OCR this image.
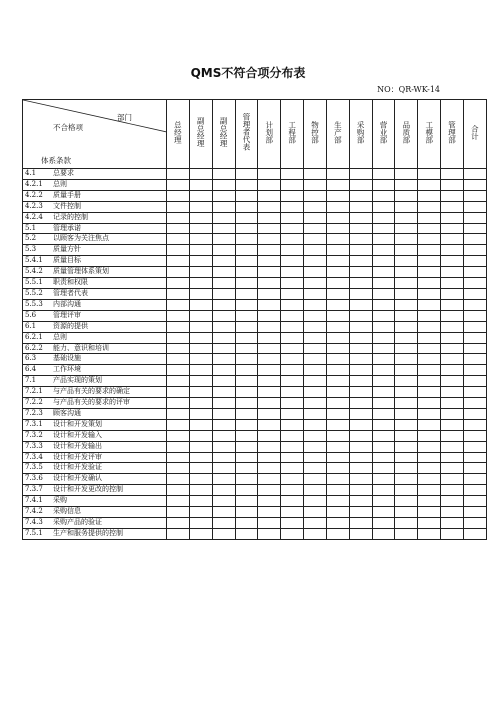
QMS不符合项分布表
NO：QR-WK-14
部门
不合格项
体系条款	总经理	副总经理	副总经理	管理者代表	计划部	工程部	物控部	生产部	采购部	营业部	品质部	工模部	管理部	合计
4.1 总要求														
4.2.1 总则														
4.2.2 质量手册														
4.2.3 文件控制														
4.2.4 记录的控制														
5.1 管理承诺														
5.2 以顾客为关注焦点														
5.3 质量方针														
5.4.1 质量目标														
5.4.2 质量管理体系策划														
5.5.1 职责和权限														
5.5.2 管理者代表														
5.5.3 内部沟通														
5.6 管理评审														
6.1 资源的提供														
6.2.1 总则														
6.2.2 能力、意识和培训														
6.3 基础设施														
6.4 工作环境														
7.1 产品实现的策划														
7.2.1 与产品有关的要求的确定														
7.2.2 与产品有关的要求的评审														
7.2.3 顾客沟通														
7.3.1 设计和开发策划														
7.3.2 设计和开发输入														
7.3.3 设计和开发输出														
7.3.4 设计和开发评审														
7.3.5 设计和开发验证														
7.3.6 设计和开发确认														
7.3.7 设计和开发更改的控制														
7.4.1 采购														
7.4.2 采购信息														
7.4.3 采购产品的验证														
7.5.1 生产和服务提供的控制														
